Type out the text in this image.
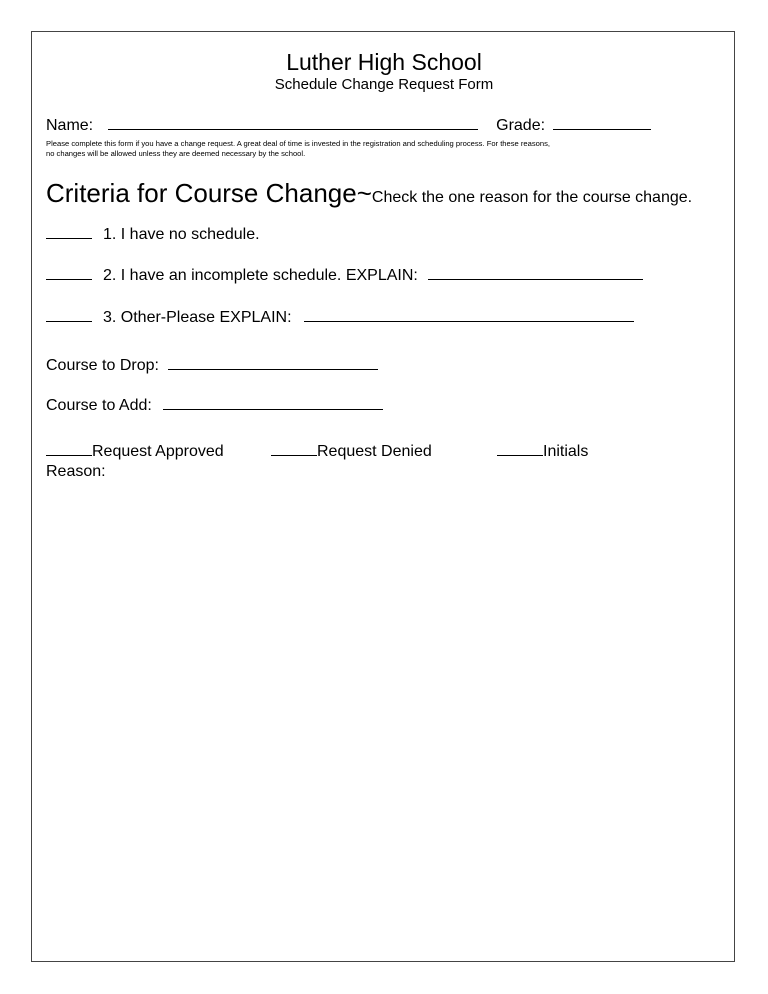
Luther High School
Schedule Change Request Form
Name:	Grade:
Please complete this form if you have a change request. A great deal of time is invested in the registration and scheduling process. For these reasons,
no changes will be allowed unless they are deemed necessary by the school.
Criteria for Course Change~Check the one reason for the course change.
1. I have no schedule.
2. I have an incomplete schedule. EXPLAIN:
3. Other-Please EXPLAIN:
Course to Drop:
Course to Add:
Request Approved	Request Denied	Initials
Reason:
